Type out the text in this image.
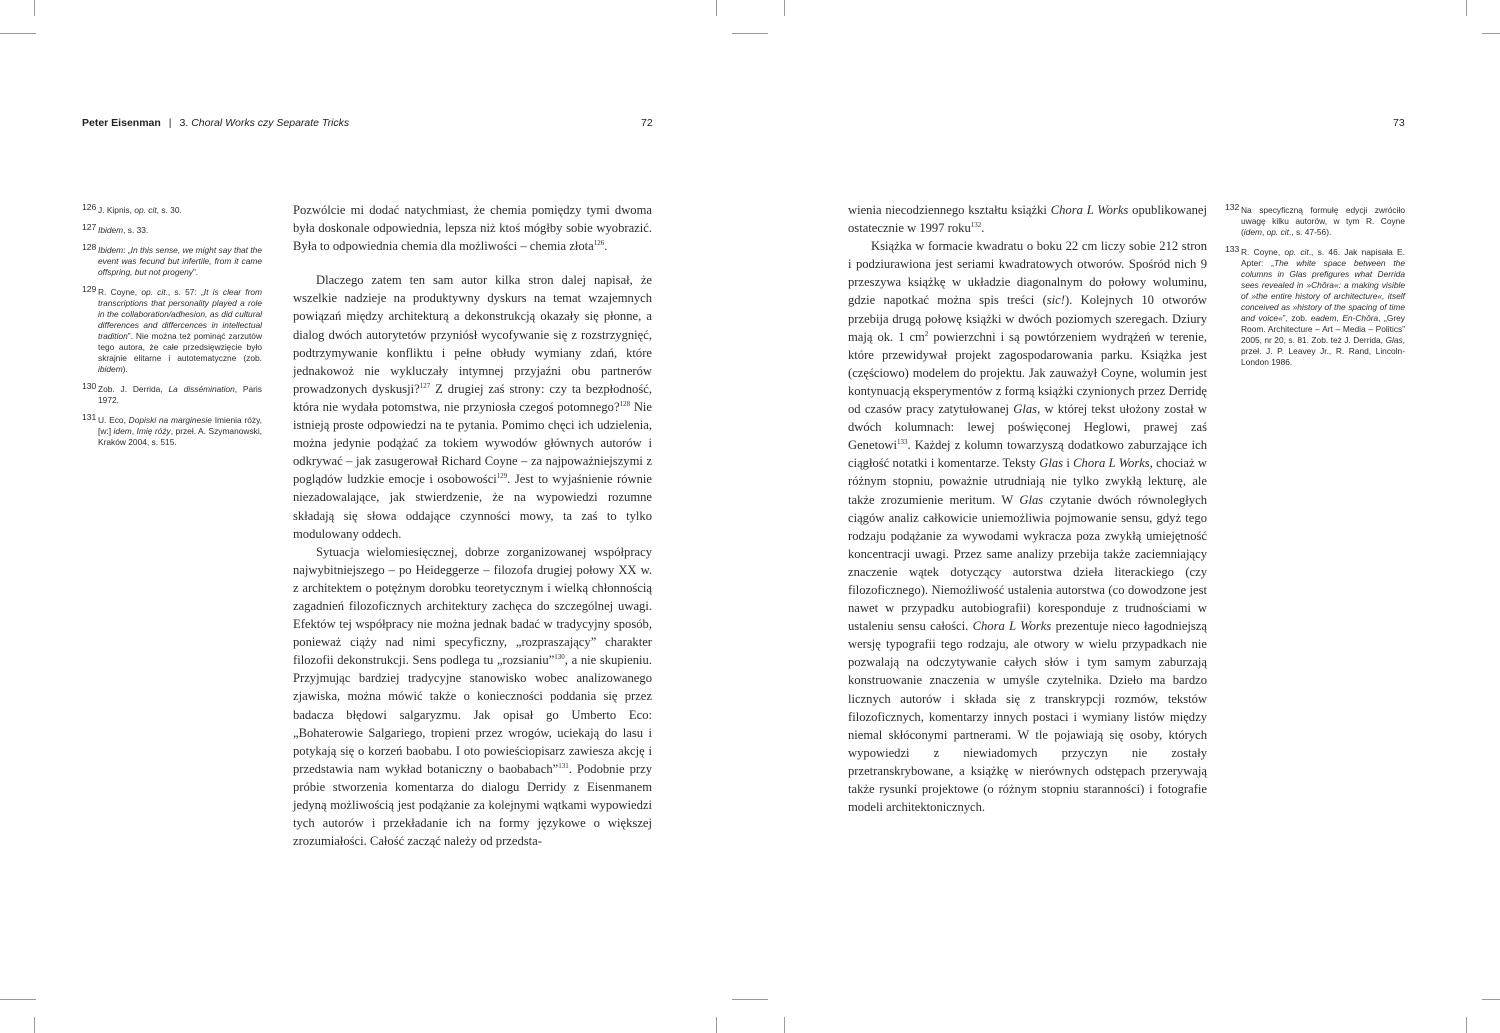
Peter Eisenman | 3. Choral Works czy Separate Tricks	72	73
126 J. Kipnis, op. cit, s. 30.
127 Ibidem, s. 33.
128 Ibidem: „In this sense, we might say that the event was fecund but infertile, from it came offspring, but not progeny”.
129 R. Coyne, op. cit., s. 57: „It is clear from transcriptions that personality played a role in the collaboration/adhesion, as did cultural differences and differcences in intellectual tradition”. Nie można też pominąć zarzutów tego autora, że całe przedsięwzięcie było skrajnie elitarne i autotematyczne (zob. ibidem).
130 Zob. J. Derrida, La dissémination, Paris 1972.
131 U. Eco, Dopiski na marginesie Imienia róży, [w:] idem, Imię róży, przeł. A. Szymanowski, Kraków 2004, s. 515.

Pozwólcie mi dodać natychmiast, że chemia pomiędzy tymi dwoma była doskonale odpowiednia, lepsza niż ktoś mógłby sobie wyobrazić. Była to odpowiednia chemia dla możliwości – chemia złota$^{126}$.

Dlaczego zatem ten sam autor kilka stron dalej napisał, że wszelkie nadzieje na produktywny dyskurs na temat wzajemnych powiązań między architekturą a dekonstrukcją okazały się płonne, a dialog dwóch autorytetów przyniósł wycofywanie się z rozstrzygnięć, podtrzymywanie konfliktu i pełne obłudy wymiany zdań, które jednakowoż nie wykluczały intymnej przyjaźni obu partnerów prowadzonych dyskusji?$^{127}$ Z drugiej zaś strony: czy ta bezpłodność, która nie wydała potomstwa, nie przyniosła czegoś potomnego?$^{128}$ Nie istnieją proste odpowiedzi na te pytania. Pomimo chęci ich udzielenia, można jedynie podążać za tokiem wywodów głównych autorów i odkrywać – jak zasugerował Richard Coyne – za najpoważniejszymi z poglądów ludzkie emocje i osobowości$^{129}$. Jest to wyjaśnienie równie niezadowalające, jak stwierdzenie, że na wypowiedzi rozumne składają się słowa oddające czynności mowy, ta zaś to tylko modulowany oddech.

Sytuacja wielomiesięcznej, dobrze zorganizowanej współpracy najwybitniejszego – po Heideggerze – filozofa drugiej połowy XX w. z architektem o potężnym dorobku teoretycznym i wielką chłonnością zagadnień filozoficznych architektury zachęca do szczególnej uwagi. Efektów tej współpracy nie można jednak badać w tradycyjny sposób, ponieważ ciąży nad nimi specyficzny, „rozpraszający” charakter filozofii dekonstrukcji. Sens podlega tu „rozsianiu”$^{130}$, a nie skupieniu. Przyjmując bardziej tradycyjne stanowisko wobec analizowanego zjawiska, można mówić także o konieczności poddania się przez badacza błędowi salgaryzmu. Jak opisał go Umberto Eco: „Bohaterowie Salgariego, tropieni przez wrogów, uciekają do lasu i potykają się o korzeń baobabu. I oto powieściopisarz zawiesza akcję i przedstawia nam wykład botaniczny o baobabach”$^{131}$. Podobnie przy próbie stworzenia komentarza do dialogu Derridy z Eisenmanem jedyną możliwością jest podążanie za kolejnymi wątkami wypowiedzi tych autorów i przekładanie ich na formy językowe o większej zrozumiałości. Całość zacząć należy od przedsta-

wienia niecodziennego kształtu książki Chora L Works opublikowanej ostatecznie w 1997 roku$^{132}$.

Książka w formacie kwadratu o boku 22 cm liczy sobie 212 stron i podziurawiona jest seriami kwadratowych otworów. Spośród nich 9 przeszywa książkę w układzie diagonalnym do połowy woluminu, gdzie napotkać można spis treści (sic!). Kolejnych 10 otworów przebija drugą połowę książki w dwóch poziomych szeregach. Dziury mają ok. 1 $cm^2$ powierzchni i są powtórzeniem wydrążeń w terenie, które przewidywał projekt zagospodarowania parku. Książka jest (częściowo) modelem do projektu. Jak zauważył Coyne, wolumin jest kontynuacją eksperymentów z formą książki czynionych przez Derridę od czasów pracy zatytułowanej Glas, w której tekst ułożony został w dwóch kolumnach: lewej poświęconej Heglowi, prawej zaś Genetowi$^{133}$. Każdej z kolumn towarzyszą dodatkowo zaburzające ich ciągłość notatki i komentarze. Teksty Glas i Chora L Works, chociaż w różnym stopniu, poważnie utrudniają nie tylko zwykłą lekturę, ale także zrozumienie meritum. W Glas czytanie dwóch równoległych ciągów analiz całkowicie uniemożliwia pojmowanie sensu, gdyż tego rodzaju podążanie za wywodami wykracza poza zwykłą umiejętność koncentracji uwagi. Przez same analizy przebija także zaciemniający znaczenie wątek dotyczący autorstwa dzieła literackiego (czy filozoficznego). Niemożliwość ustalenia autorstwa (co dowodzone jest nawet w przypadku autobiografii) koresponduje z trudnościami w ustaleniu sensu całości. Chora L Works prezentuje nieco łagodniejszą wersję typografii tego rodzaju, ale otwory w wielu przypadkach nie pozwalają na odczytywanie całych słów i tym samym zaburzają konstruowanie znaczenia w umyśle czytelnika. Dzieło ma bardzo licznych autorów i składa się z transkrypcji rozmów, tekstów filozoficznych, komentarzy innych postaci i wymiany listów między niemal skłóconymi partnerami. W tle pojawiają się osoby, których wypowiedzi z niewiadomych przyczyn nie zostały przetranskrybowane, a książkę w nierównych odstępach przerywają także rysunki projektowe (o różnym stopniu staranności) i fotografie modeli architektonicznych.

132 Na specyficzną formułę edycji zwróciło uwagę kilku autorów, w tym R. Coyne (idem, op. cit., s. 47-56).
133 R. Coyne, op. cit., s. 46. Jak napisała E. Apter: „The white space between the columns in Glas prefigures what Derrida sees revealed in »Chôra«: a making visible of »the entire history of architecture«, itself conceived as »history of the spacing of time and voice«”, zob. eadem, En-Chôra, „Grey Room. Architecture – Art – Media – Politics” 2005, nr 20, s. 81. Zob. też J. Derrida, Glas, przeł. J. P. Leavey Jr., R. Rand, Lincoln-London 1986.
